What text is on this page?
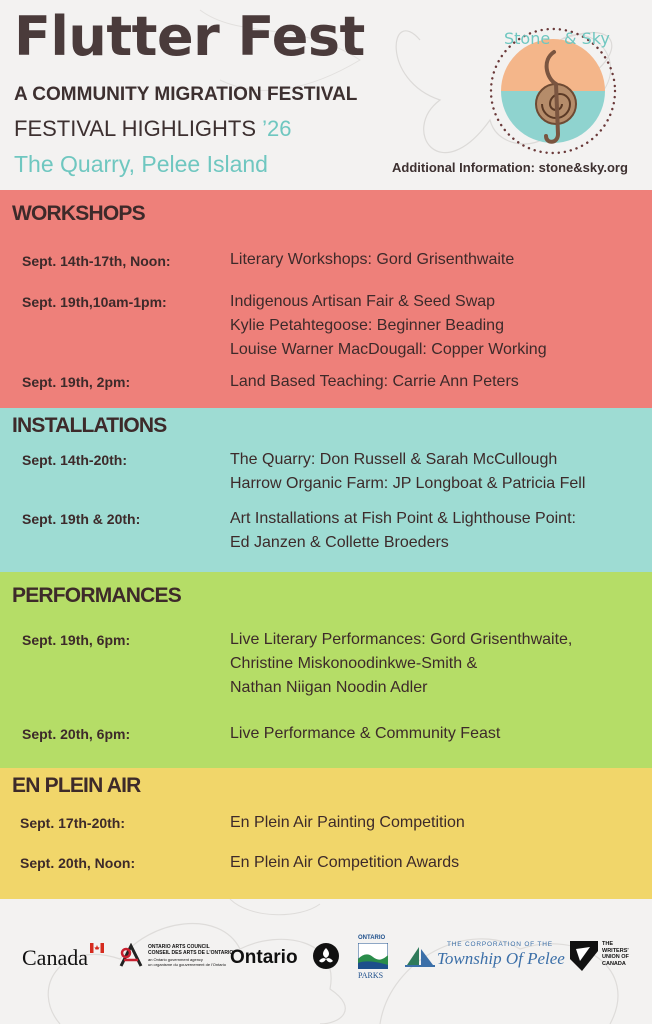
Flutter Fest
A COMMUNITY MIGRATION FESTIVAL
FESTIVAL HIGHLIGHTS ’26
The Quarry, Pelee Island	Additional Information: stone&sky.org
Stone & Sky
WORKSHOPS
Sept. 14th-17th, Noon:	Literary Workshops: Gord Grisenthwaite
Sept. 19th,10am-1pm:	Indigenous Artisan Fair & Seed Swap
Kylie Petahtegoose: Beginner Beading
Louise Warner MacDougall: Copper Working
Sept. 19th, 2pm:	Land Based Teaching: Carrie Ann Peters
INSTALLATIONS
Sept. 14th-20th:	The Quarry: Don Russell & Sarah McCullough
Harrow Organic Farm: JP Longboat & Patricia Fell
Sept. 19th & 20th:	Art Installations at Fish Point & Lighthouse Point:
Ed Janzen & Collette Broeders
PERFORMANCES
Sept. 19th, 6pm:	Live Literary Performances: Gord Grisenthwaite,
Christine Miskonoodinkwe-Smith &
Nathan Niigan Noodin Adler
Sept. 20th, 6pm:	Live Performance & Community Feast
EN PLEIN AIR
Sept. 17th-20th:	En Plein Air Painting Competition
Sept. 20th, Noon:	En Plein Air Competition Awards
Canada	ONTARIO ARTS COUNCIL
CONSEIL DES ARTS DE L'ONTARIO
an Ontario government agency
un organisme du gouvernement de l'Ontario Ontario
ONTARIO
PARKS
THE CORPORATION OF THE
Township Of Pelee
THE
WRITERS'
UNION OF
CANADA
